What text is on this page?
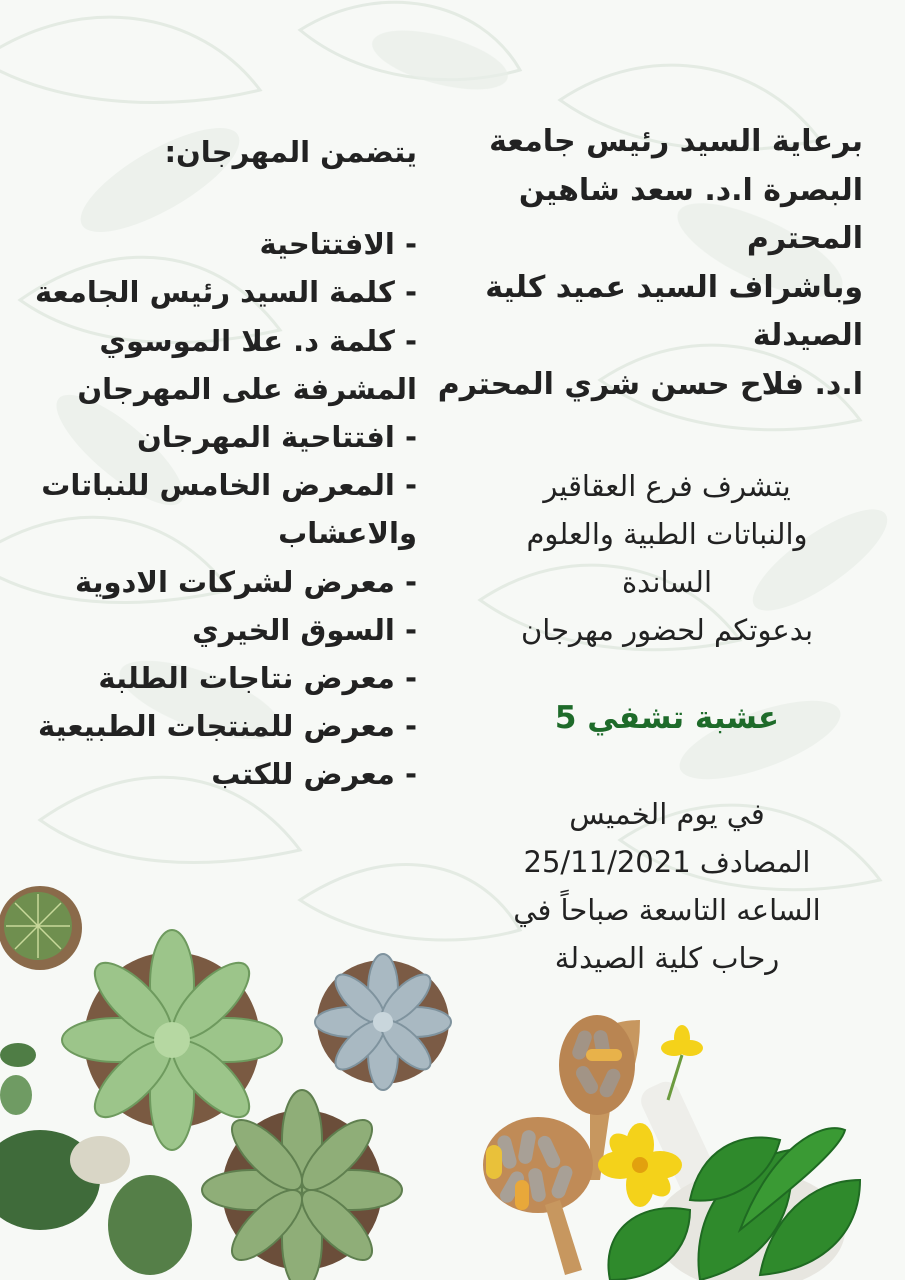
برعاية السيد رئيس جامعة
البصرة ا.د. سعد شاهين
المحترم
وباشراف السيد عميد كلية
الصيدلة
ا.د. فلاح حسن شري المحترم
يتشرف فرع العقاقير
والنباتات الطبية والعلوم
الساندة
بدعوتكم لحضور مهرجان
عشبة تشفي 5
في يوم الخميس
المصادف 25/11/2021
الساعه التاسعة صباحاً في
رحاب كلية الصيدلة
يتضمن المهرجان:
- الافتتاحية
- كلمة السيد رئيس الجامعة
- كلمة د. علا الموسوي
المشرفة على المهرجان
- افتتاحية المهرجان
- المعرض الخامس للنباتات
والاعشاب
- معرض لشركات الادوية
- السوق الخيري
- معرض نتاجات الطلبة
- معرض للمنتجات الطبيعية
- معرض للكتب
